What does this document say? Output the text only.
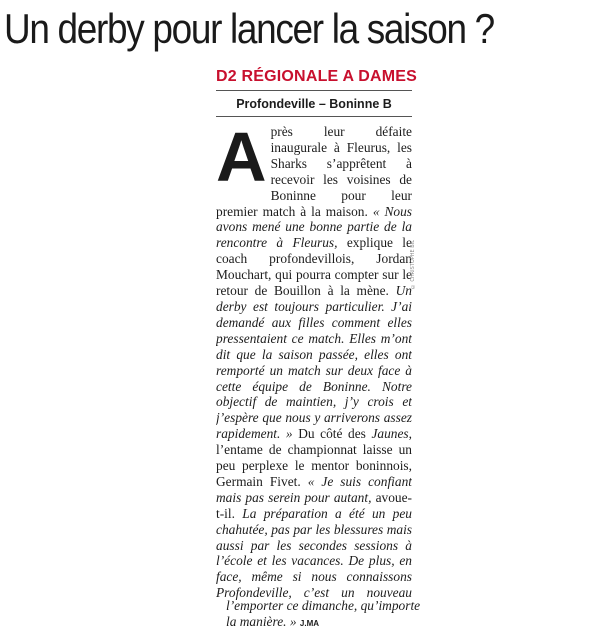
Un derby pour lancer la saison ?
D2 RÉGIONALE A DAMES
Profondeville – Boninne B
A près leur défaite inaugurale à Fleurus, les Sharks s’apprêtent à recevoir les voisines de Boninne pour leur premier match à la maison. « Nous avons mené une bonne partie de la rencontre à Fleurus, explique le coach profondevillois, Jordan Mouchart, qui pourra compter sur le retour de Bouillon à la mène. Un derby est toujours particulier. J’ai demandé aux filles comment elles pressentaient ce match. Elles m’ont dit que la saison passée, elles ont remporté un match sur deux face à cette équipe de Boninne. Notre objectif de maintien, j’y crois et j’espère que nous y arriverons assez rapidement. » Du côté des Jaunes, l’entame de championnat laisse un peu perplexe le mentor boninnois, Germain Fivet. « Je suis confiant mais pas serein pour autant, avoue-t-il. La préparation a été un peu chahutée, pas par les blessures mais aussi par les secondes sessions à l’école et les vacances. De plus, en face, même si nous connaissons Profondeville, c’est un nouveau

l’emporter ce dimanche, qu’importe la manière. » J.MA
© CHRISTOPHE BIL
